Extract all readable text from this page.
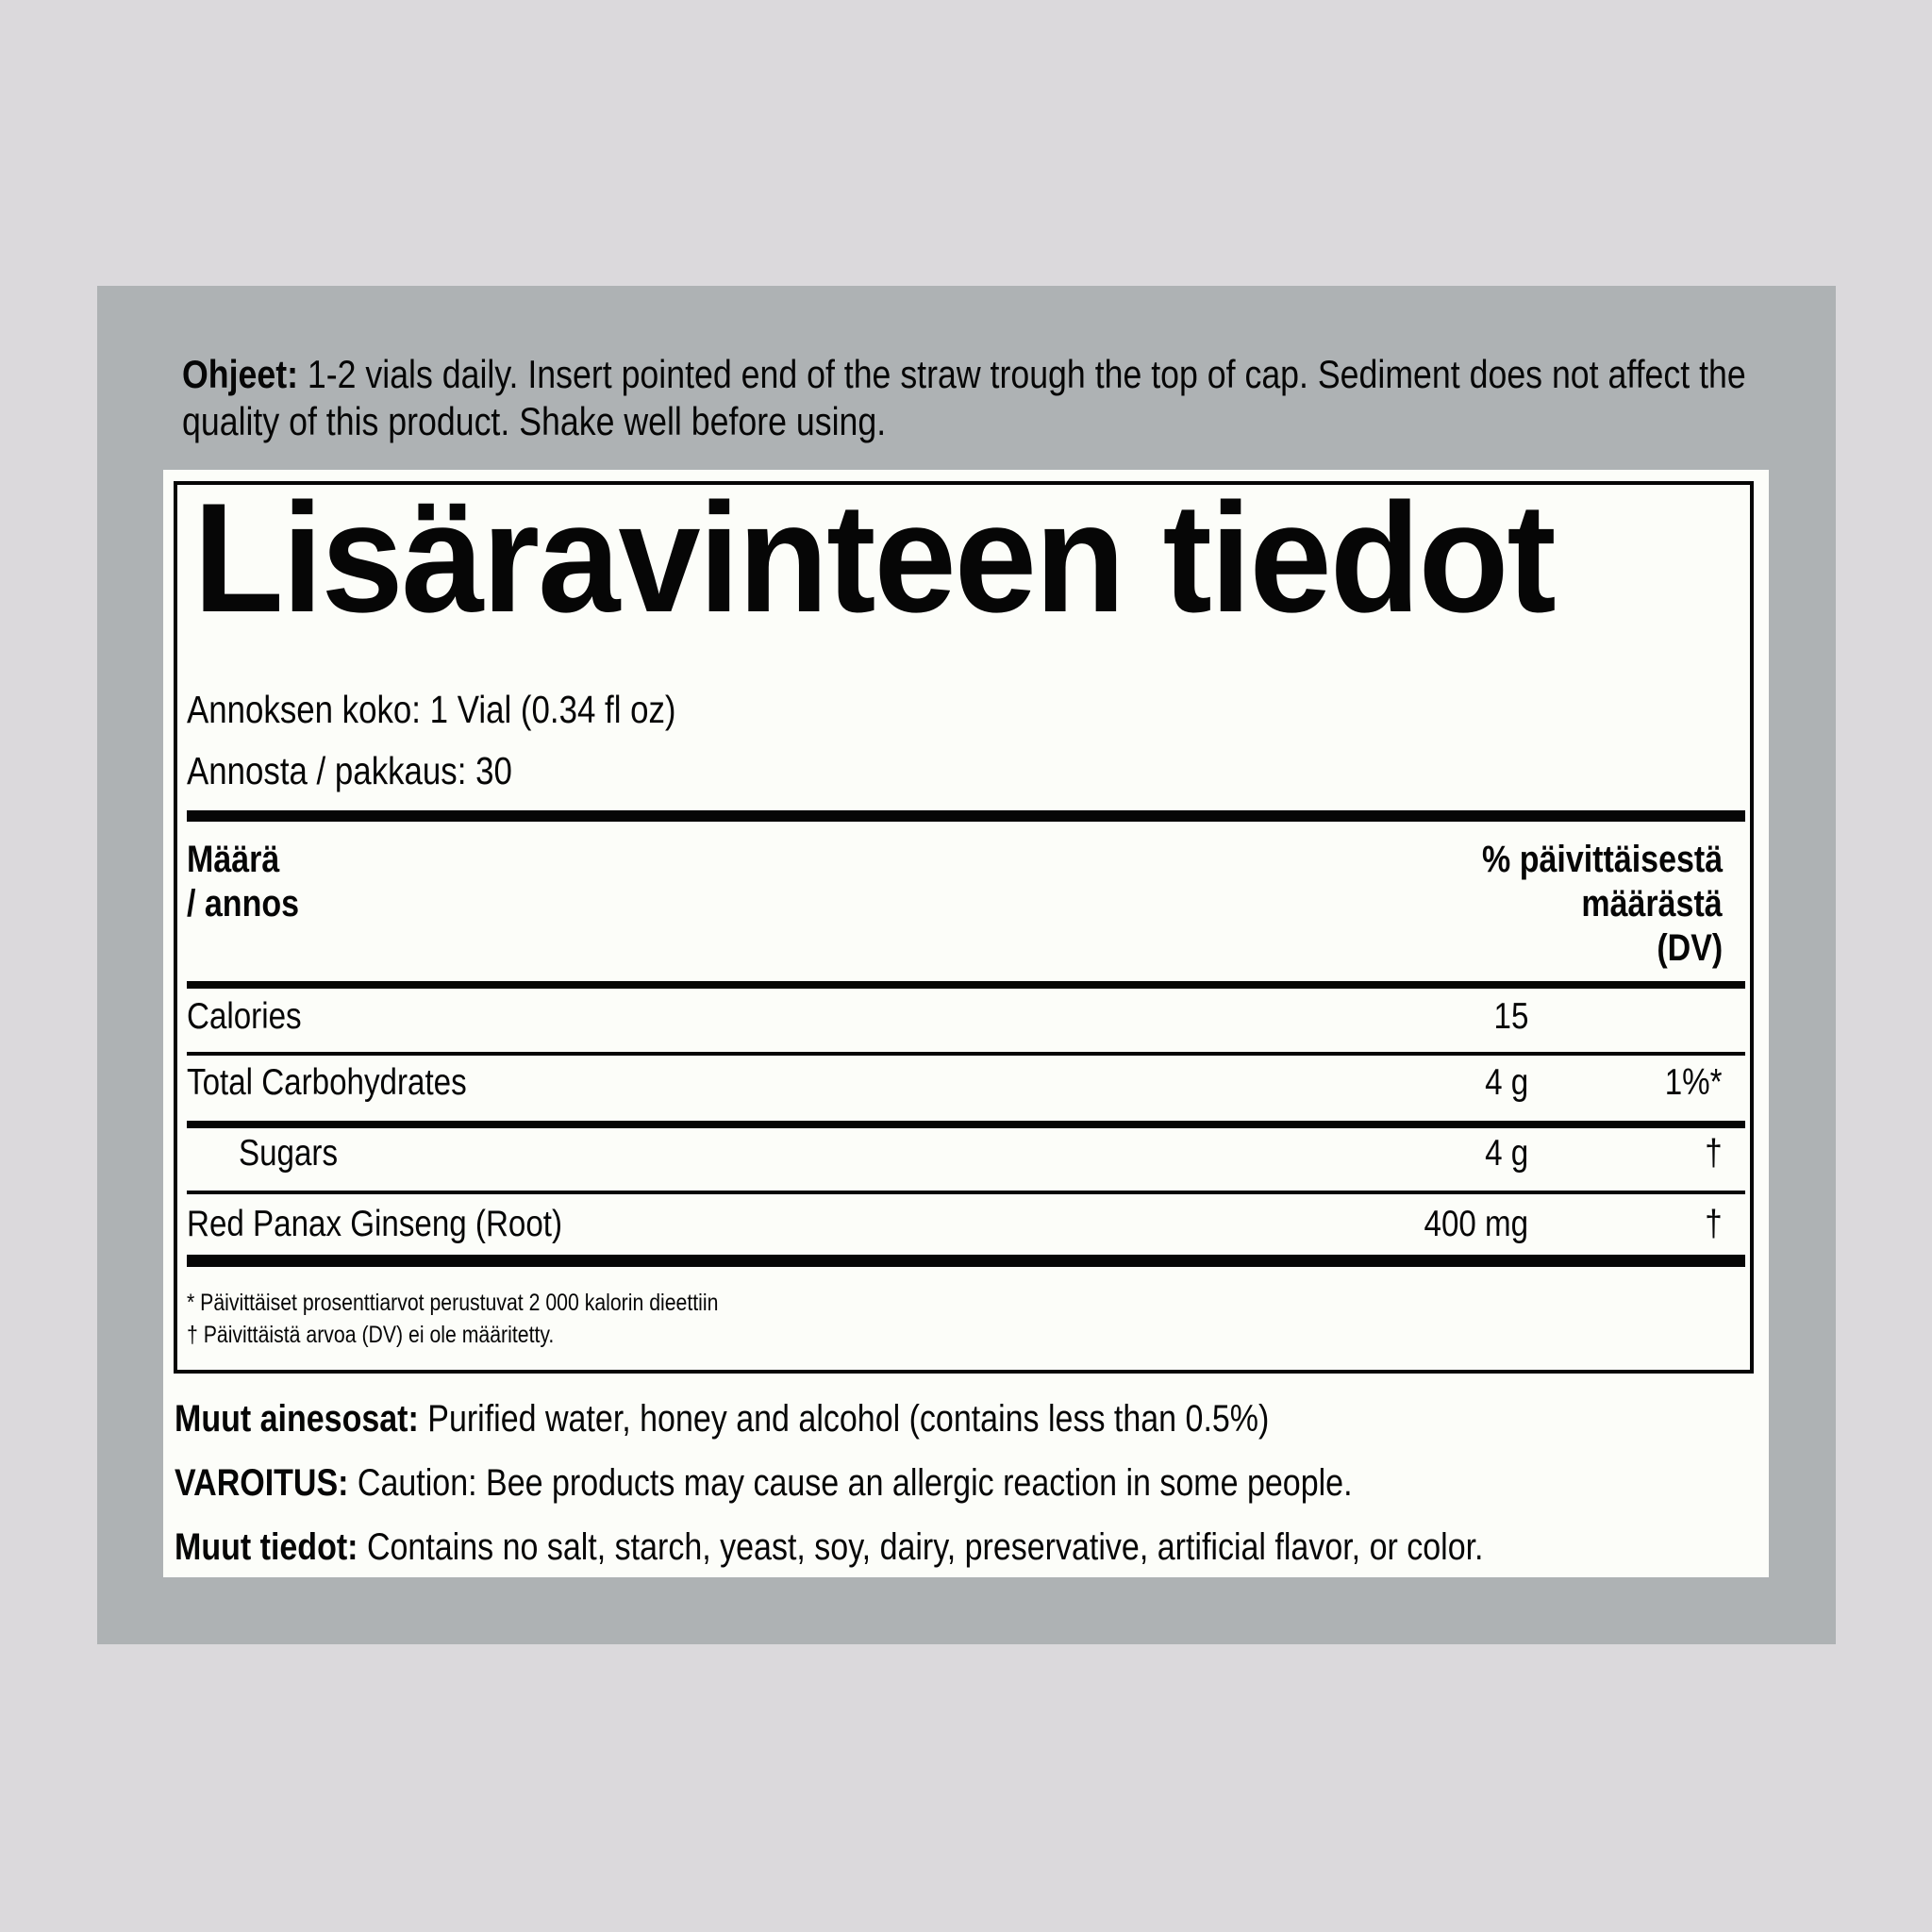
Ohjeet: 1-2 vials daily. Insert pointed end of the straw trough the top of cap. Sediment does not affect the
quality of this product. Shake well before using.
Lisäravinteen tiedot
Annoksen koko: 1 Vial (0.34 fl oz)
Annosta / pakkaus: 30
Määrä
/ annos
% päivittäisestä
määrästä
(DV)
Calories	15
Total Carbohydrates	4 g	1%*
Sugars	4 g	†
Red Panax Ginseng (Root)	400 mg	†
* Päivittäiset prosenttiarvot perustuvat 2 000 kalorin dieettiin
† Päivittäistä arvoa (DV) ei ole määritetty.
Muut ainesosat: Purified water, honey and alcohol (contains less than 0.5%)
VAROITUS: Caution: Bee products may cause an allergic reaction in some people.
Muut tiedot: Contains no salt, starch, yeast, soy, dairy, preservative, artificial flavor, or color.
